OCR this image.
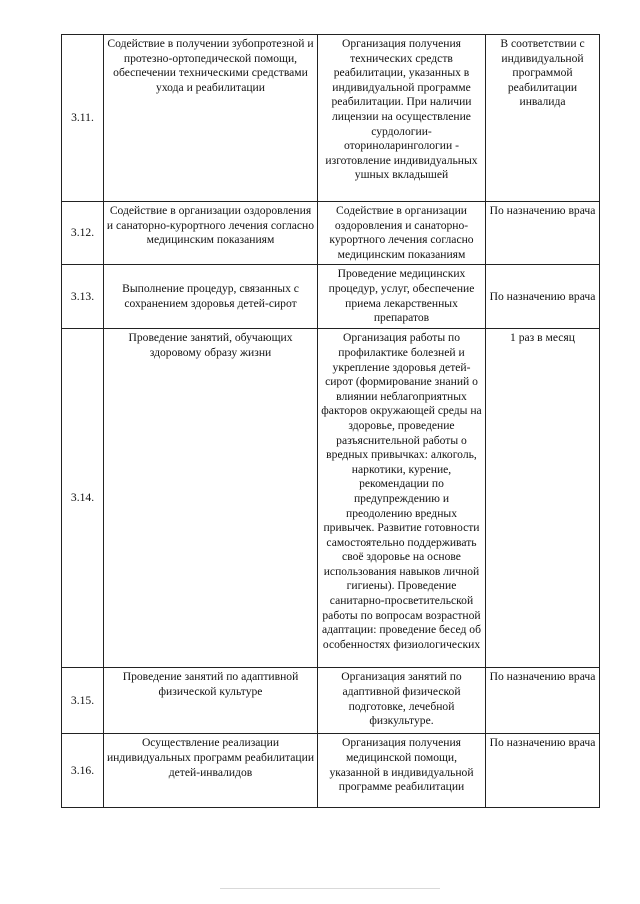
3.11.	Содействие в получении зубопротезной и протезно-ортопедической помощи, обеспечении техническими средствами ухода и реабилитации	Организация получения технических средств реабилитации, указанных в индивидуальной программе реабилитации. При наличии лицензии на осуществление сурдологии-оториноларингологии - изготовление индивидуальных ушных вкладышей	В соответствии с индивидуальной программой реабилитации инвалида

3.12.	Содействие в организации оздоровления и санаторно-курортного лечения согласно медицинским показаниям	Содействие в организации оздоровления и санаторно-курортного лечения согласно медицинским показаниям	По назначению врача

3.13.	Выполнение процедур, связанных с сохранением здоровья детей-сирот	Проведение медицинских процедур, услуг, обеспечение приема лекарственных препаратов	По назначению врача

3.14.	Проведение занятий, обучающих здоровому образу жизни	Организация работы по профилактике болезней и укрепление здоровья детей-сирот (формирование знаний о влиянии неблагоприятных факторов окружающей среды на здоровье, проведение разъяснительной работы о вредных привычках: алкоголь, наркотики, курение, рекомендации по предупреждению и преодолению вредных привычек. Развитие готовности самостоятельно поддерживать своё здоровье на основе использования навыков личной гигиены). Проведение санитарно-просветительской работы по вопросам возрастной адаптации: проведение бесед об особенностях физиологических	1 раз в месяц

3.15.	Проведение занятий по адаптивной физической культуре	Организация занятий по адаптивной физической подготовке, лечебной физкультуре.	По назначению врача

3.16.	Осуществление реализации индивидуальных программ реабилитации детей-инвалидов	Организация получения медицинской помощи, указанной в индивидуальной программе реабилитации	По назначению врача
